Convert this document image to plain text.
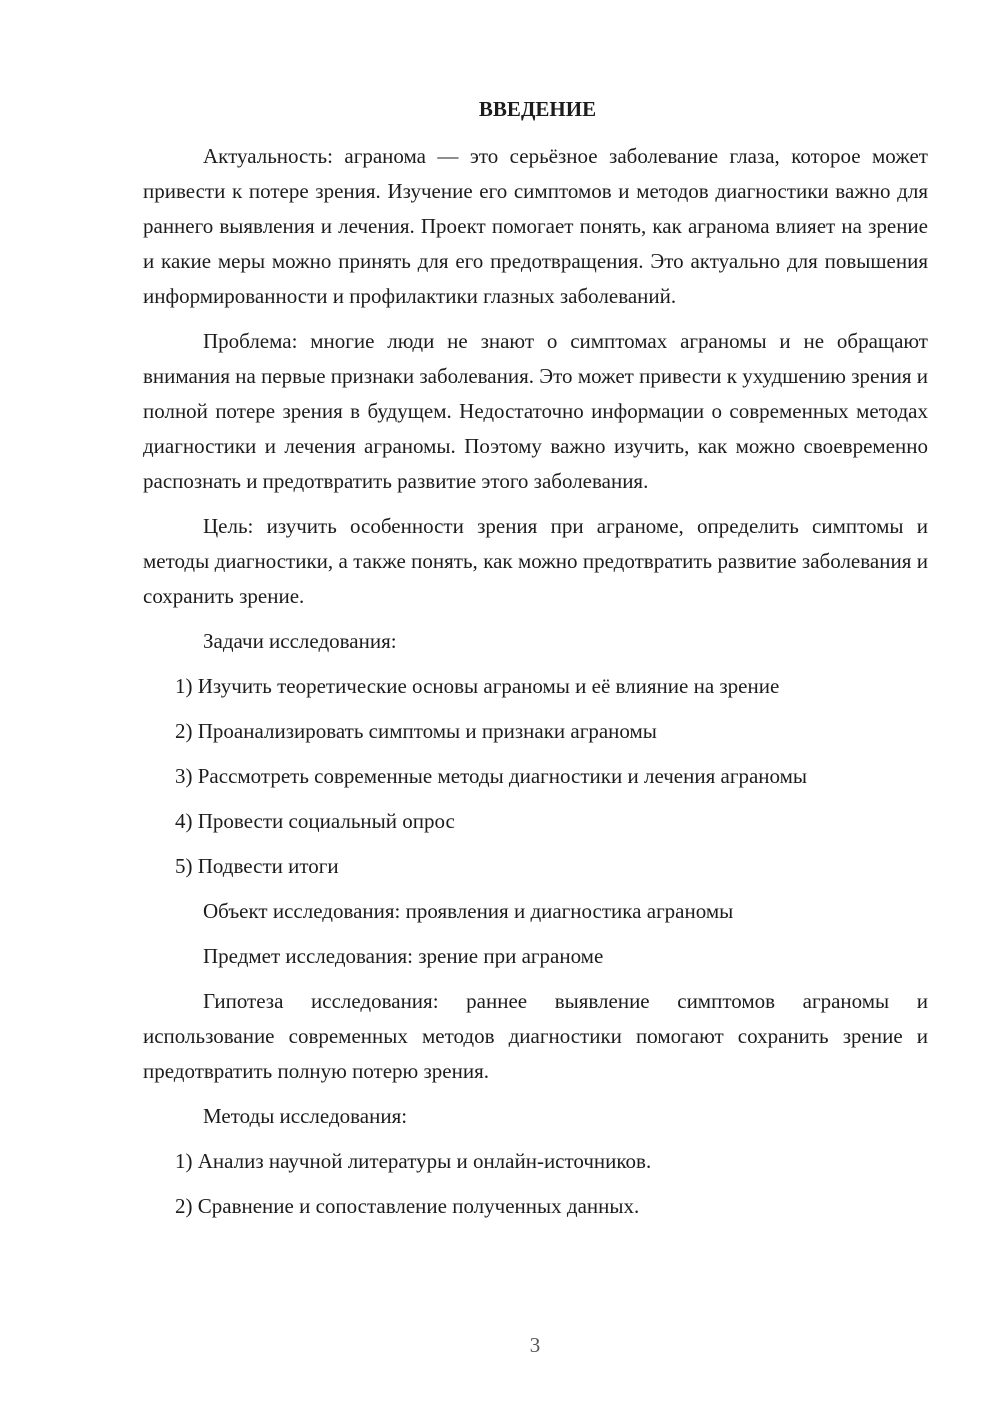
ВВЕДЕНИЕ

Актуальность: агранома — это серьёзное заболевание глаза, которое может привести к потере зрения. Изучение его симптомов и методов диагностики важно для раннего выявления и лечения. Проект помогает понять, как агранома влияет на зрение и какие меры можно принять для его предотвращения. Это актуально для повышения информированности и профилактики глазных заболеваний.

Проблема: многие люди не знают о симптомах аграномы и не обращают внимания на первые признаки заболевания. Это может привести к ухудшению зрения и полной потере зрения в будущем. Недостаточно информации о современных методах диагностики и лечения аграномы. Поэтому важно изучить, как можно своевременно распознать и предотвратить развитие этого заболевания.

Цель: изучить особенности зрения при аграноме, определить симптомы и методы диагностики, а также понять, как можно предотвратить развитие заболевания и сохранить зрение.

Задачи исследования:

1) Изучить теоретические основы аграномы и её влияние на зрение

2) Проанализировать симптомы и признаки аграномы

3) Рассмотреть современные методы диагностики и лечения аграномы

4) Провести социальный опрос

5) Подвести итоги

Объект исследования: проявления и диагностика аграномы

Предмет исследования: зрение при аграноме

Гипотеза исследования: раннее выявление симптомов аграномы и использование современных методов диагностики помогают сохранить зрение и предотвратить полную потерю зрения.

Методы исследования:

1) Анализ научной литературы и онлайн-источников.

2) Сравнение и сопоставление полученных данных.

3
